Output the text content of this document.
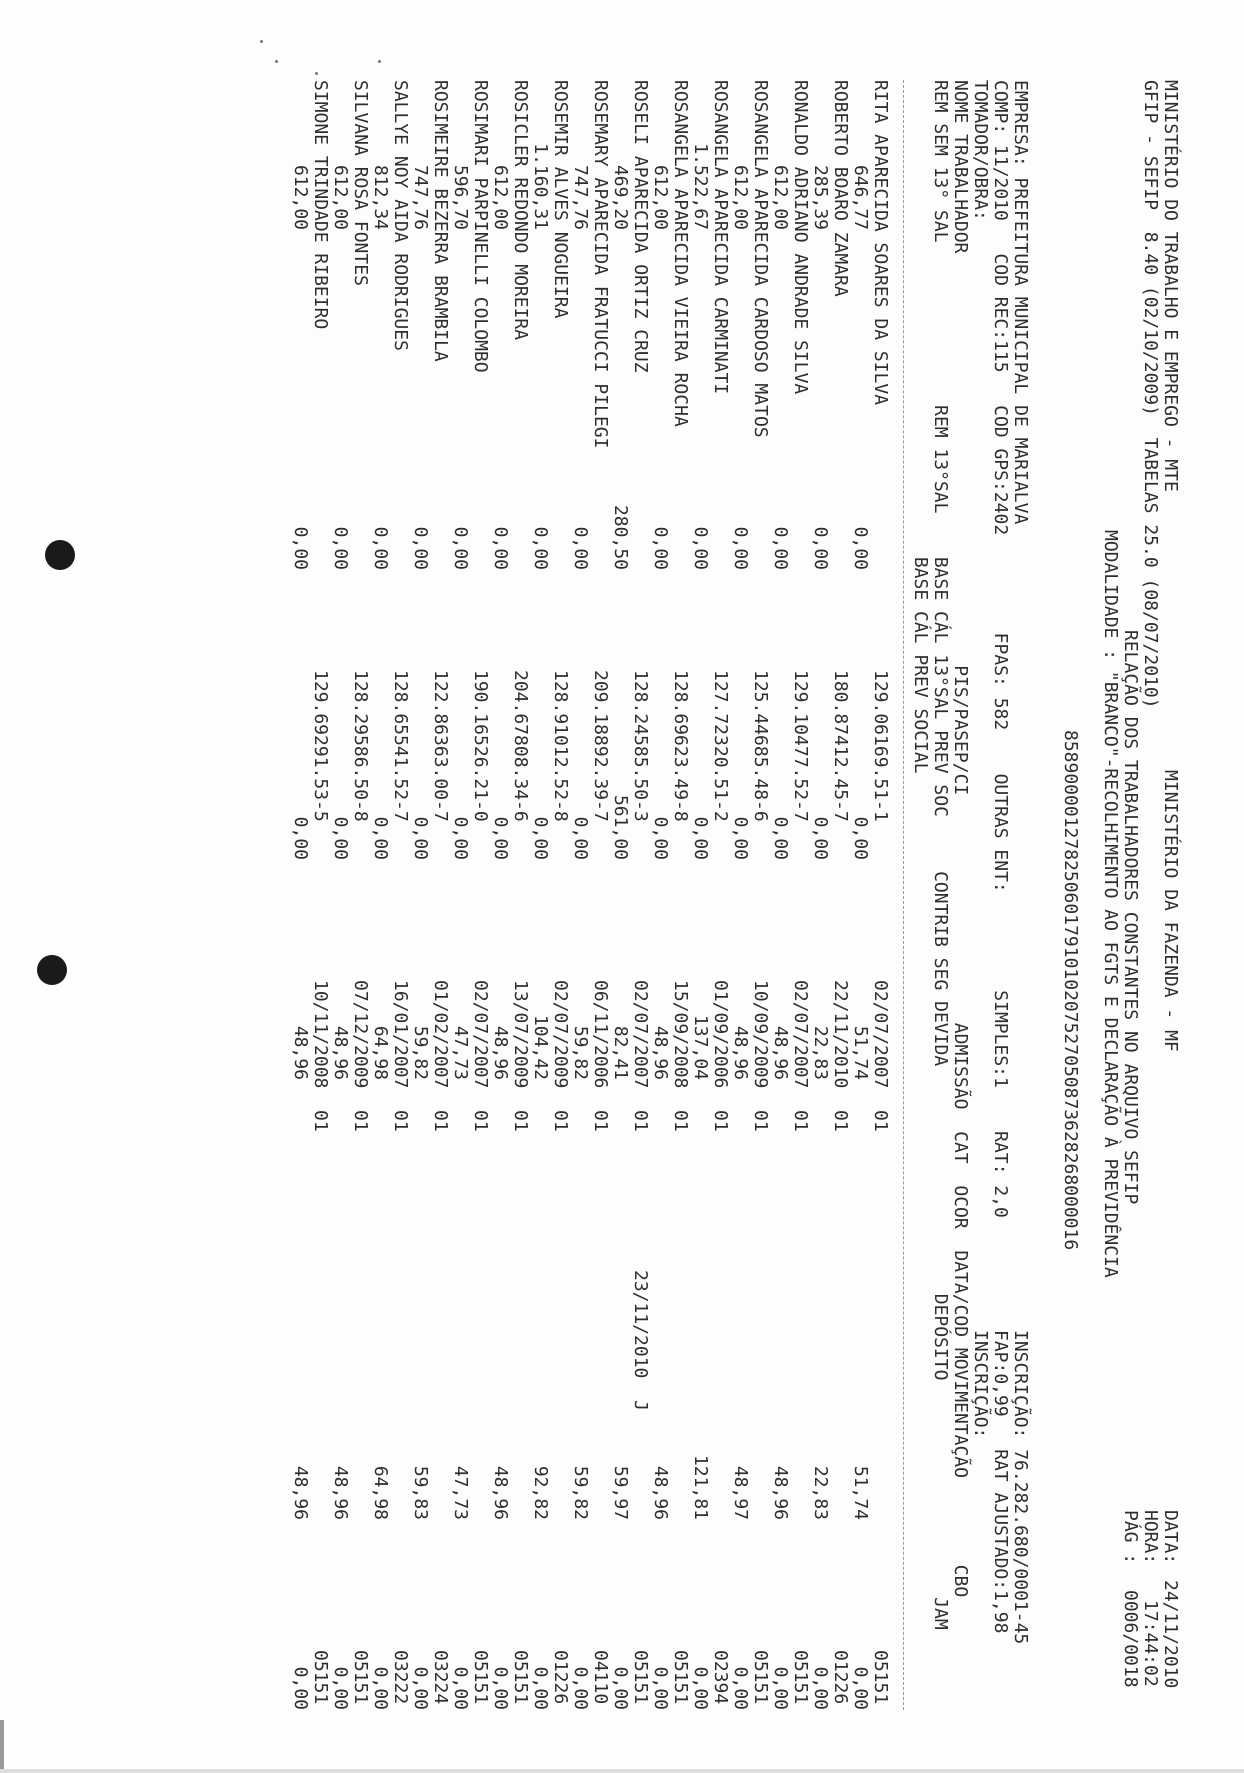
MINISTÉRIO DO TRABALHO E EMPREGO - MTE
GFIP - SEFIP  8.40 (02/10/2009)  TABELAS 25.0 (08/07/2010)
MINISTÉRIO DA FAZENDA - MF
RELAÇÃO DOS TRABALHADORES CONSTANTES NO ARQUIVO SEFIP
MODALIDADE : "BRANCO"-RECOLHIMENTO AO FGTS E DECLARAÇÃO À PREVIDÊNCIA
8589000012782506017910102075270508736282680000​16
DATA:
24/11/2010
HORA:
17:44:02
PÁG :
0006/0018
EMPRESA: PREFEITURA MUNICIPAL DE MARIALVA
INSCRIÇÃO: 76.282.680/0001-45
COMP: 11/2010   COD REC:115   COD GPS:2402         FPAS: 582    OUTRAS ENT:         SIMPLES:1    RAT: 2,0
FAP:0,99   RAT AJUSTADO:1,98
TOMADOR/OBRA:
INSCRIÇÃO:
NOME TRABALHADOR                                      PIS/PASEP/CI                     ADMISSÃO  CAT  OCOR  DATA/COD MOVIMENTAÇÃO        CBO
REM SEM 13° SAL               REM 13°SAL    BASE CÁL 13°SAL PREV SOC     CONTRIB SEG DEVIDA                     DEPÓSITO                    JAM
BASE CÁL PREV SOCIAL
RITA APARECIDA SOARES DA SILVA
129.06169.51-1
02/07/2007
01
05151
646,77
0,00
0,00
51,74
51,74
0,00
ROBERTO BOARO ZAMARA
180.87412.45-7
22/11/2010
01
01226
285,39
0,00
0,00
22,83
22,83
0,00
RONALDO ADRIANO ANDRADE SILVA
129.10477.52-7
02/07/2007
01
05151
612,00
0,00
0,00
48,96
48,96
0,00
ROSANGELA APARECIDA CARDOSO MATOS
125.44685.48-6
10/09/2009
01
05151
612,00
0,00
0,00
48,96
48,97
0,00
ROSANGELA APARECIDA CARMINATI
127.72320.51-2
01/09/2006
01
02394
1.522,67
0,00
0,00
137,04
121,81
0,00
ROSANGELA APARECIDA VIEIRA ROCHA
128.69623.49-8
15/09/2008
01
05151
612,00
0,00
0,00
48,96
48,96
0,00
ROSELI APARECIDA ORTIZ CRUZ
128.24585.50-3
02/07/2007
01
23/11/2010  J
05151
469,20
280,50
561,00
82,41
59,97
0,00
ROSEMARY APARECIDA FRATUCCI PILEGI
209.18892.39-7
06/11/2006
01
04110
747,76
0,00
0,00
59,82
59,82
0,00
ROSEMIR ALVES NOGUEIRA
128.91012.52-8
02/07/2009
01
01226
1.160,31
0,00
0,00
104,42
92,82
0,00
ROSICLER REDONDO MOREIRA
204.67808.34-6
13/07/2009
01
05151
612,00
0,00
0,00
48,96
48,96
0,00
ROSIMARI PARPINELLI COLOMBO
190.16526.21-0
02/07/2007
01
05151
596,70
0,00
0,00
47,73
47,73
0,00
ROSIMEIRE BEZERRA BRAMBILA
122.86363.00-7
01/02/2007
01
03224
747,76
0,00
0,00
59,82
59,83
0,00
SALLYE NOY AIDA RODRIGUES
128.65541.52-7
16/01/2007
01
03222
812,34
0,00
0,00
64,98
64,98
0,00
SILVANA ROSA FONTES
128.29586.50-8
07/12/2009
01
05151
612,00
0,00
0,00
48,96
48,96
0,00
SIMONE TRINDADE RIBEIRO
129.69291.53-5
10/11/2008
01
05151
612,00
0,00
0,00
48,96
48,96
0,00
